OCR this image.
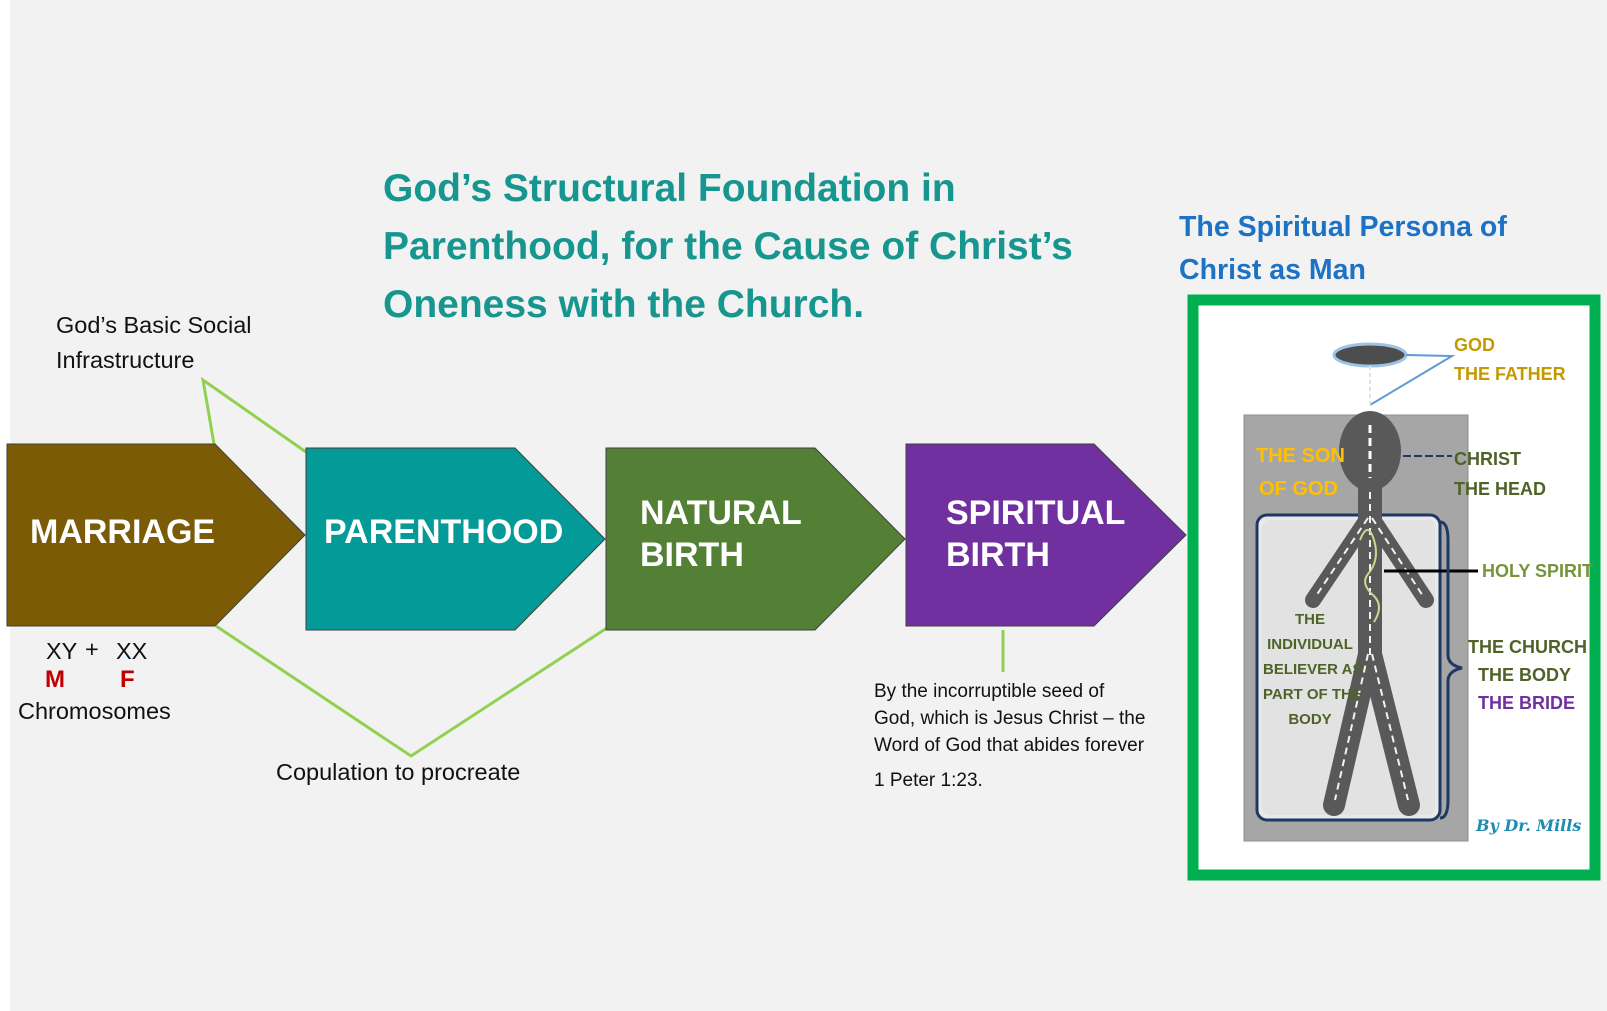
God’s Structural Foundation in
Parenthood, for the Cause of Christ’s
Oneness with the Church.
The Spiritual Persona of
Christ as Man
God’s Basic Social
Infrastructure
MARRIAGE	PARENTHOOD NATURAL
BIRTH
SPIRITUAL
BIRTH
XY + XX
M F
Chromosomes
Copulation to procreate
By the incorruptible seed of
God, which is Jesus Christ – the
Word of God that abides forever
1 Peter 1:23.
GOD
THE FATHER
THE SON
OF GOD
CHRIST
THE HEAD
HOLY SPIRIT
THE CHURCH
THE BODY
THE BRIDE
THE
INDIVIDUAL
BELIEVER AS
PART OF THE
BODY
By Dr. Mills
